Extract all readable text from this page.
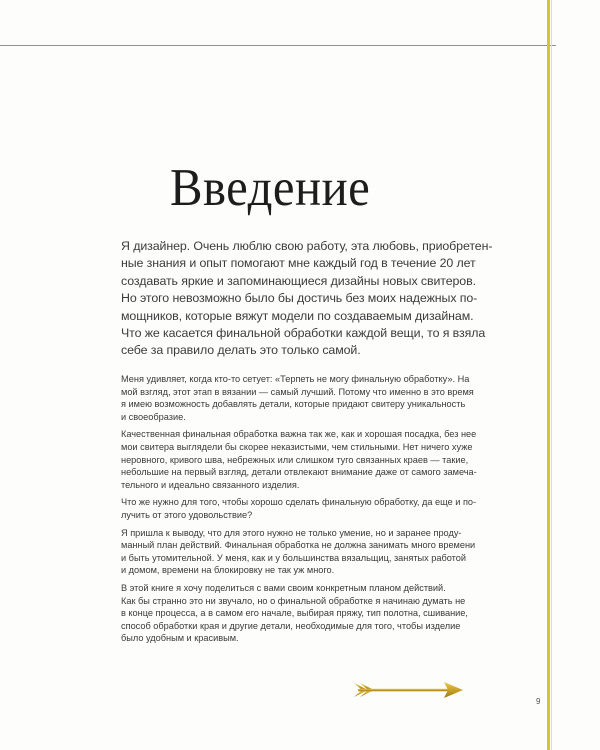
Введение

Я дизайнер. Очень люблю свою работу, эта любовь, приобретен-

ные знания и опыт помогают мне каждый год в течение 20 лет

создавать яркие и запоминающиеся дизайны новых свитеров.

Но этого невозможно было бы достичь без моих надежных по-

мощников, которые вяжут модели по создаваемым дизайнам.

Что же касается финальной обработки каждой вещи, то я взяла

себе за правило делать это только самой.

Меня удивляет, когда кто-то сетует: «Терпеть не могу финальную обработку». На

мой взгляд, этот этап в вязании — самый лучший. Потому что именно в это время

я имею возможность добавлять детали, которые придают свитеру уникальность

и своеобразие.

Качественная финальная обработка важна так же, как и хорошая посадка, без нее

мои свитера выглядели бы скорее неказистыми, чем стильными. Нет ничего хуже

неровного, кривого шва, небрежных или слишком туго связанных краев — такие,

небольшие на первый взгляд, детали отвлекают внимание даже от самого замеча-

тельного и идеально связанного изделия.

Что же нужно для того, чтобы хорошо сделать финальную обработку, да еще и по-

лучить от этого удовольствие?

Я пришла к выводу, что для этого нужно не только умение, но и заранее проду-

манный план действий. Финальная обработка не должна занимать много времени

и быть утомительной. У меня, как и у большинства вязальщиц, занятых работой

и домом, времени на блокировку не так уж много.

В этой книге я хочу поделиться с вами своим конкретным планом действий.

Как бы странно это ни звучало, но о финальной обработке я начинаю думать не

в конце процесса, а в самом его начале, выбирая пряжу, тип полотна, сшивание,

способ обработки края и другие детали, необходимые для того, чтобы изделие

было удобным и красивым.

9
